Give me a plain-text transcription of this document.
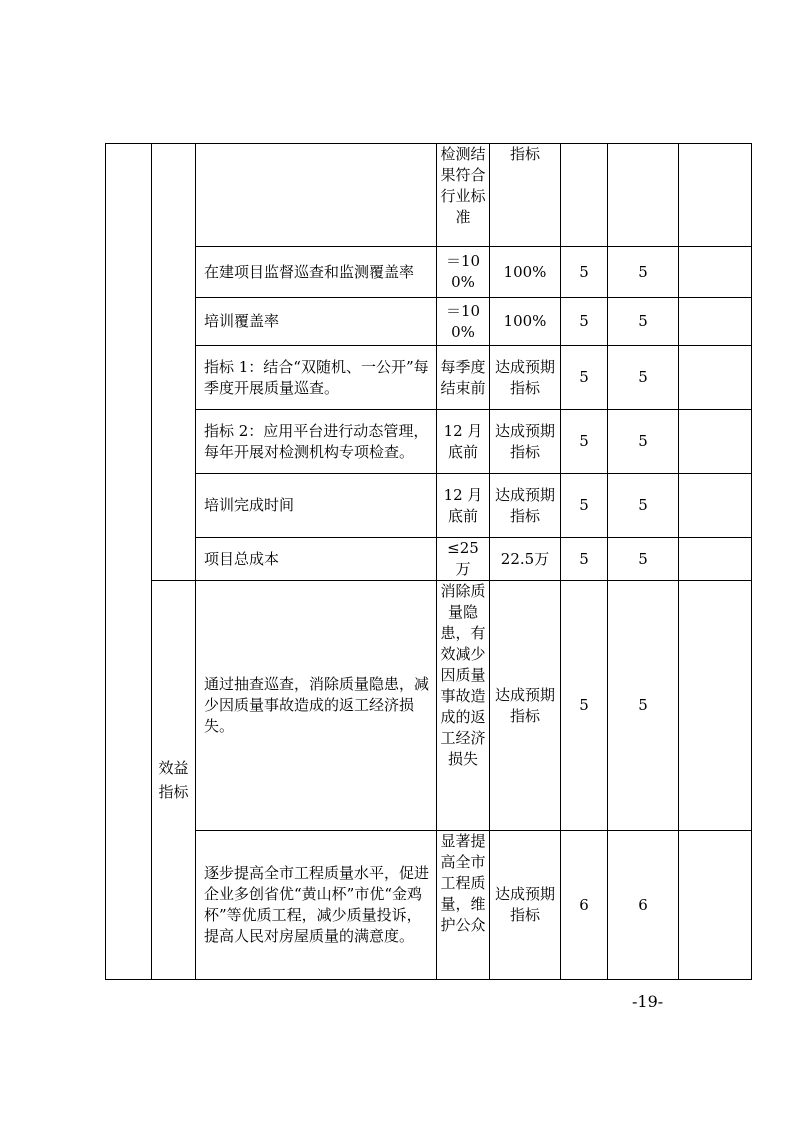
			检测结果符合行业标准	指标			
		在建项目监督巡查和监测覆盖率	＝100%	100%	5	5	
		培训覆盖率	＝100%	100%	5	5	
		指标 1：结合“双随机、一公开”每季度开展质量巡查。	每季度结束前	达成预期指标	5	5	
		指标 2：应用平台进行动态管理，每年开展对检测机构专项检查。	12 月底前	达成预期指标	5	5	
		培训完成时间	12 月底前	达成预期指标	5	5	
		项目总成本	≤25万	22.5万	5	5	
	效益指标	通过抽查巡查，消除质量隐患，减少因质量事故造成的返工经济损失。	消除质量隐患，有效减少因质量事故造成的返工经济损失	达成预期指标	5	5	
		逐步提高全市工程质量水平，促进企业多创省优“黄山杯”市优“金鸡杯”等优质工程，减少质量投诉，提高人民对房屋质量的满意度。	显著提高全市工程质量，维护公众	达成预期指标	6	6	
-19-
